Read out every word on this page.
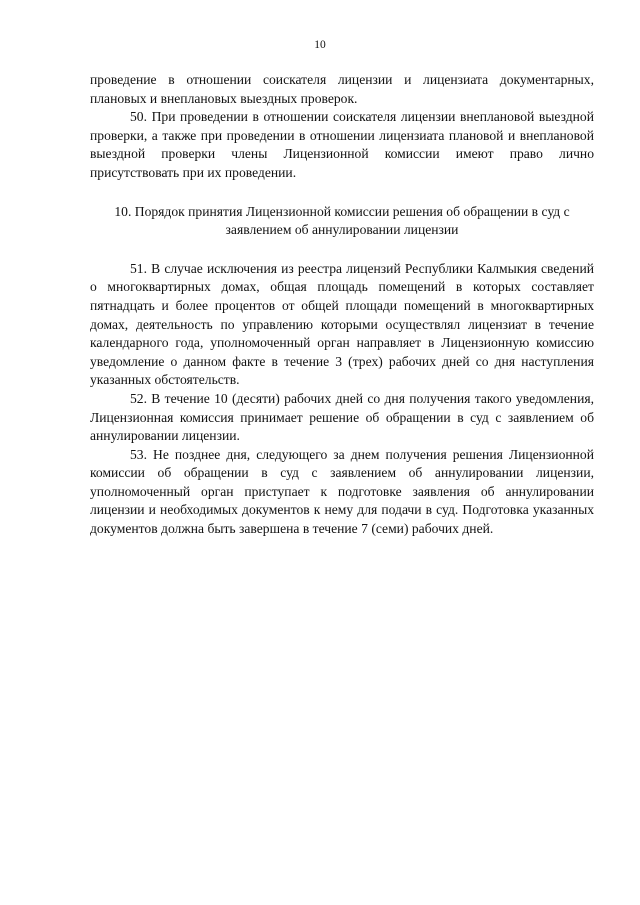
10

проведение в отношении соискателя лицензии и лицензиата документарных, плановых и внеплановых выездных проверок.

50. При проведении в отношении соискателя лицензии внеплановой выездной проверки, а также при проведении в отношении лицензиата плановой и внеплановой выездной проверки члены Лицензионной комиссии имеют право лично присутствовать при их проведении.

10. Порядок принятия Лицензионной комиссии решения об обращении в суд с заявлением об аннулировании лицензии

51. В случае исключения из реестра лицензий Республики Калмыкия сведений о многоквартирных домах, общая площадь помещений в которых составляет пятнадцать и более процентов от общей площади помещений в многоквартирных домах, деятельность по управлению которыми осуществлял лицензиат в течение календарного года, уполномоченный орган направляет в Лицензионную комиссию уведомление о данном факте в течение 3 (трех) рабочих дней со дня наступления указанных обстоятельств.

52. В течение 10 (десяти) рабочих дней со дня получения такого уведомления, Лицензионная комиссия принимает решение об обращении в суд с заявлением об аннулировании лицензии.

53. Не позднее дня, следующего за днем получения решения Лицензионной комиссии об обращении в суд с заявлением об аннулировании лицензии, уполномоченный орган приступает к подготовке заявления об аннулировании лицензии и необходимых документов к нему для подачи в суд. Подготовка указанных документов должна быть завершена в течение 7 (семи) рабочих дней.
